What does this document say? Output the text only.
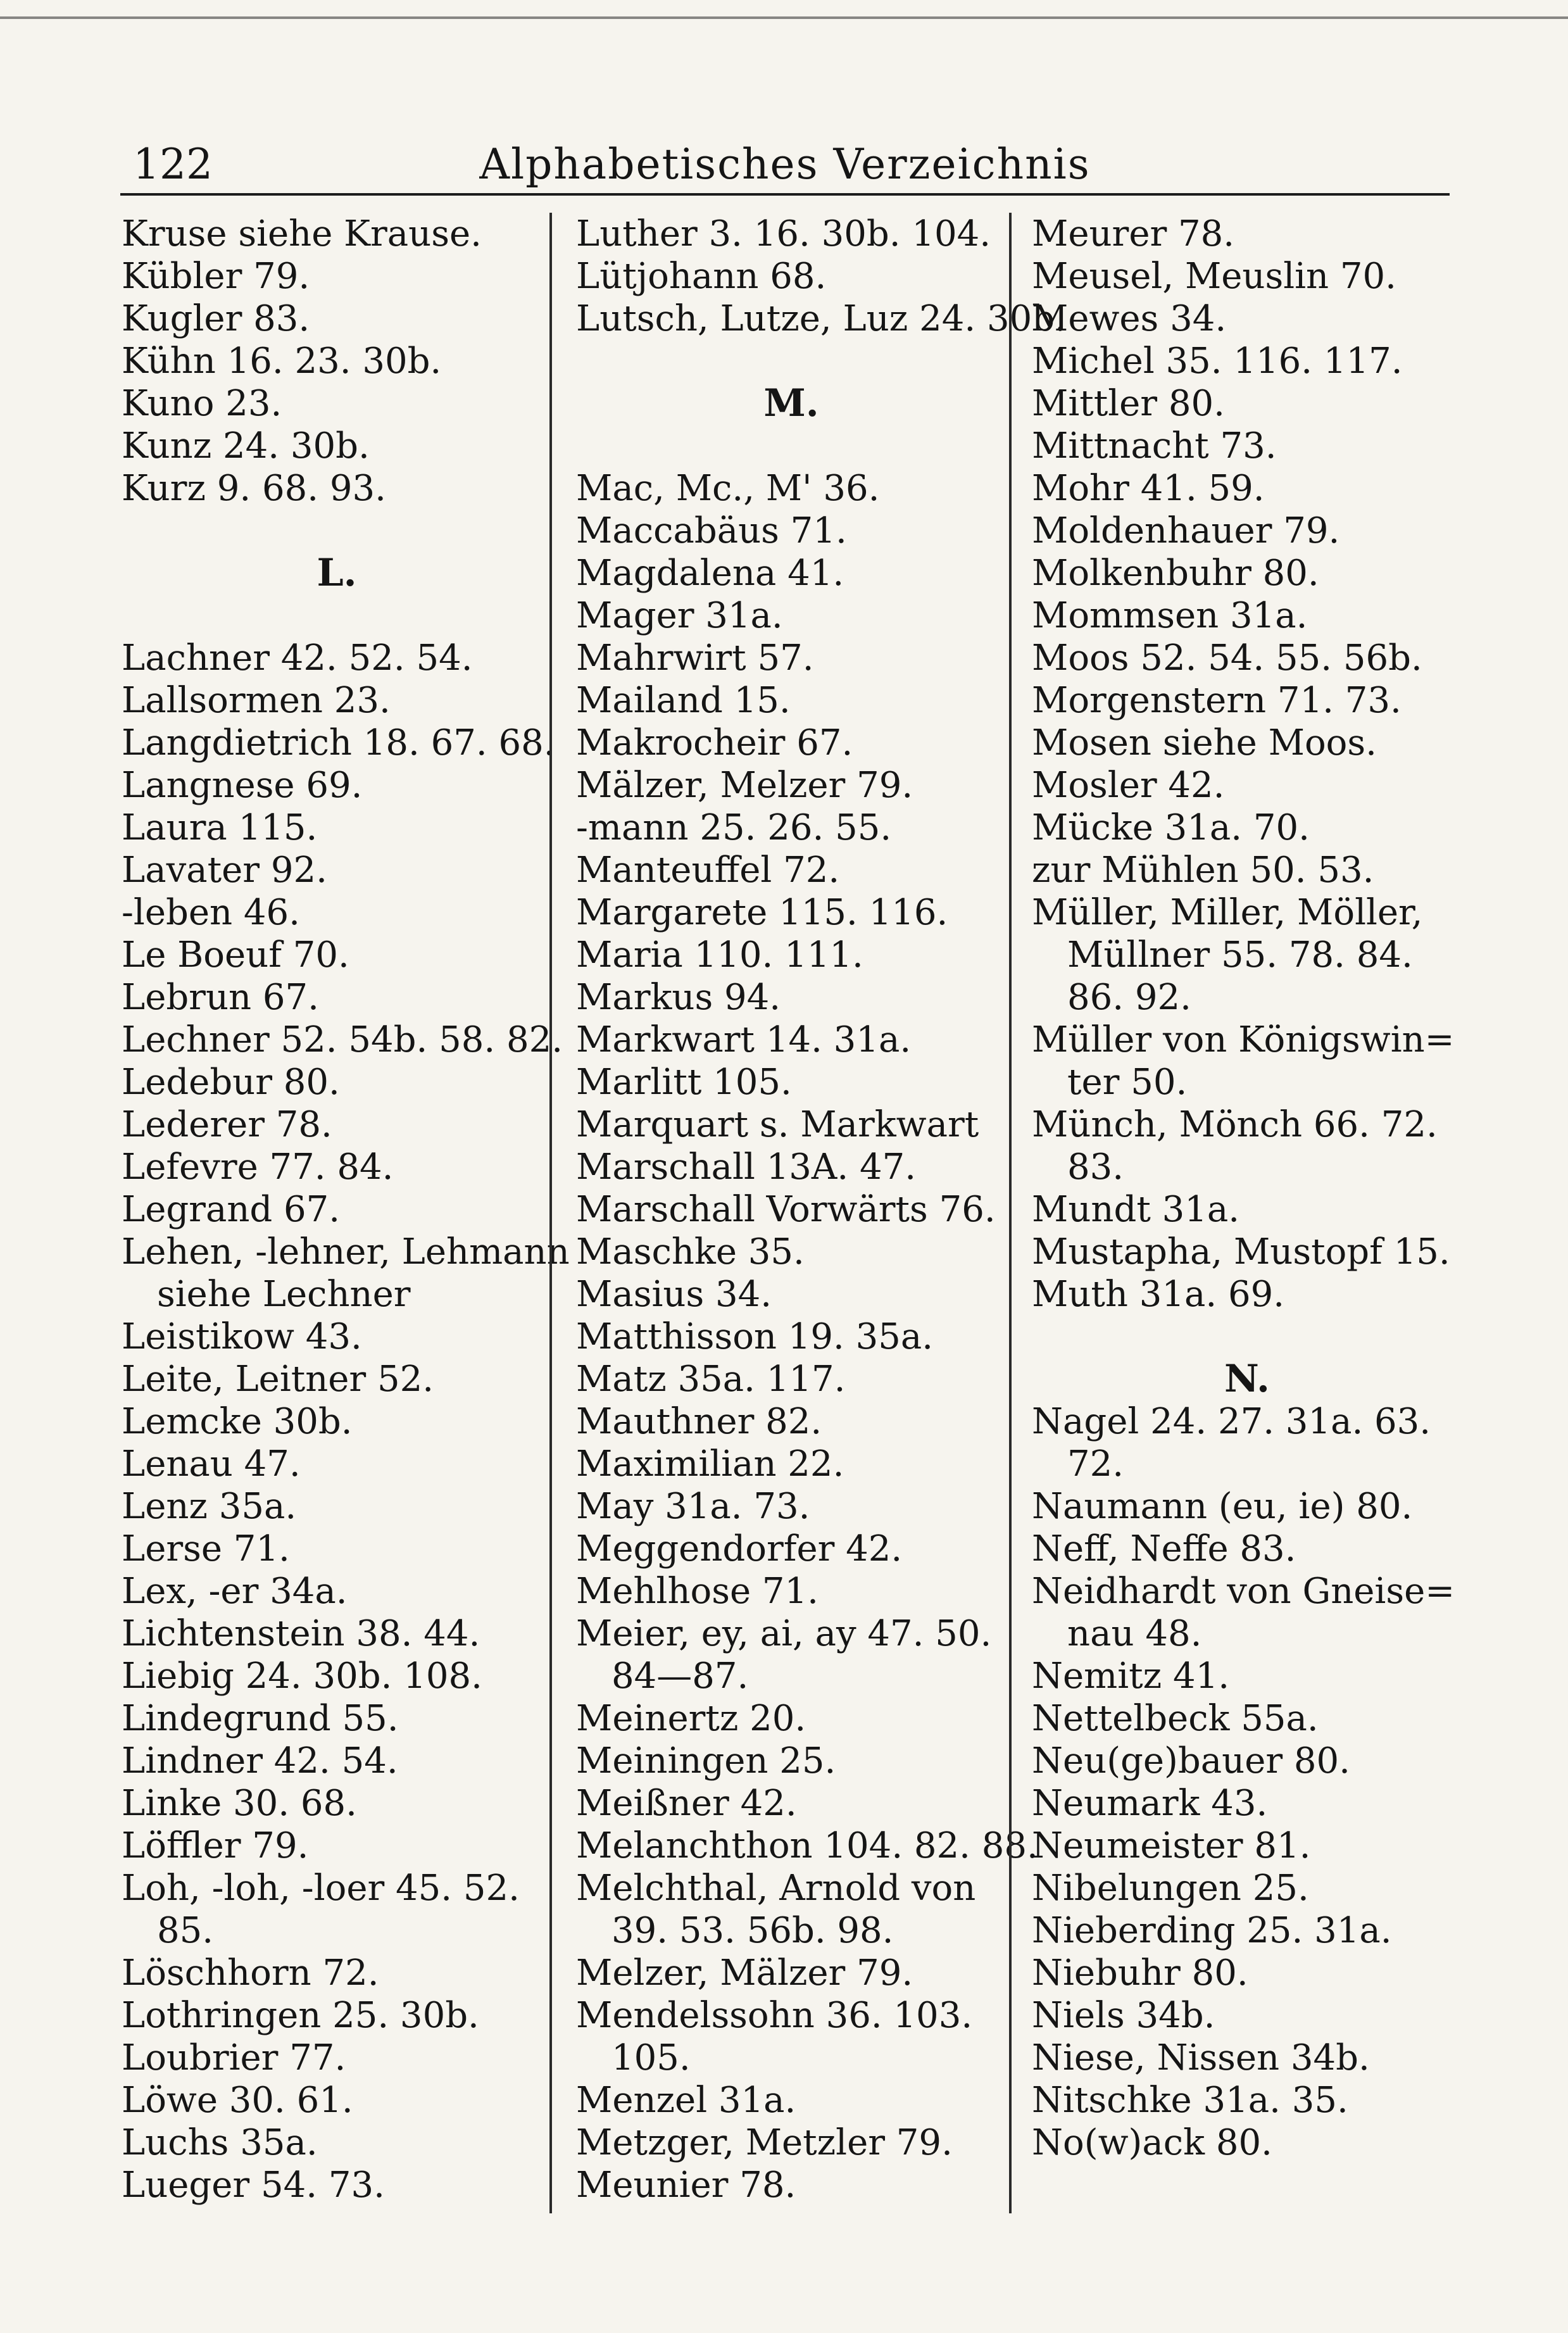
122	Alphabetisches Verzeichnis
Kruse siehe Krause.
Kübler 79.
Kugler 83.
Kühn 16. 23. 30b.
Kuno 23.
Kunz 24. 30b.
Kurz 9. 68. 93.
L.
Lachner 42. 52. 54.
Lallsormen 23.
Langdietrich 18. 67. 68.
Langnese 69.
Laura 115.
Lavater 92.
-leben 46.
Le Boeuf 70.
Lebrun 67.
Lechner 52. 54b. 58. 82.
Ledebur 80.
Lederer 78.
Lefevre 77. 84.
Legrand 67.
Lehen, -lehner, Lehmann
siehe Lechner
Leistikow 43.
Leite, Leitner 52.
Lemcke 30b.
Lenau 47.
Lenz 35a.
Lerse 71.
Lex, -er 34a.
Lichtenstein 38. 44.
Liebig 24. 30b. 108.
Lindegrund 55.
Lindner 42. 54.
Linke 30. 68.
Löffler 79.
Loh, -loh, -loer 45. 52.
85.
Löschhorn 72.
Lothringen 25. 30b.
Loubrier 77.
Löwe 30. 61.
Luchs 35a.
Lueger 54. 73.
Luther 3. 16. 30b. 104.
Lütjohann 68.
Lutsch, Lutze, Luz 24. 30b.
M.
Mac, Mc., M' 36.
Maccabäus 71.
Magdalena 41.
Mager 31a.
Mahrwirt 57.
Mailand 15.
Makrocheir 67.
Mälzer, Melzer 79.
-mann 25. 26. 55.
Manteuffel 72.
Margarete 115. 116.
Maria 110. 111.
Markus 94.
Markwart 14. 31a.
Marlitt 105.
Marquart s. Markwart
Marschall 13A. 47.
Marschall Vorwärts 76.
Maschke 35.
Masius 34.
Matthisson 19. 35a.
Matz 35a. 117.
Mauthner 82.
Maximilian 22.
May 31a. 73.
Meggendorfer 42.
Mehlhose 71.
Meier, ey, ai, ay 47. 50.
84—87.
Meinertz 20.
Meiningen 25.
Meißner 42.
Melanchthon 104. 82. 88.
Melchthal, Arnold von
39. 53. 56b. 98.
Melzer, Mälzer 79.
Mendelssohn 36. 103.
105.
Menzel 31a.
Metzger, Metzler 79.
Meunier 78.
Meurer 78.
Meusel, Meuslin 70.
Mewes 34.
Michel 35. 116. 117.
Mittler 80.
Mittnacht 73.
Mohr 41. 59.
Moldenhauer 79.
Molkenbuhr 80.
Mommsen 31a.
Moos 52. 54. 55. 56b.
Morgenstern 71. 73.
Mosen siehe Moos.
Mosler 42.
Mücke 31a. 70.
zur Mühlen 50. 53.
Müller, Miller, Möller,
Müllner 55. 78. 84.
86. 92.
Müller von Königswin=
ter 50.
Münch, Mönch 66. 72.
83.
Mundt 31a.
Mustapha, Mustopf 15.
Muth 31a. 69.
N.
Nagel 24. 27. 31a. 63.
72.
Naumann (eu, ie) 80.
Neff, Neffe 83.
Neidhardt von Gneise=
nau 48.
Nemitz 41.
Nettelbeck 55a.
Neu(ge)bauer 80.
Neumark 43.
Neumeister 81.
Nibelungen 25.
Nieberding 25. 31a.
Niebuhr 80.
Niels 34b.
Niese, Nissen 34b.
Nitschke 31a. 35.
No(w)ack 80.
